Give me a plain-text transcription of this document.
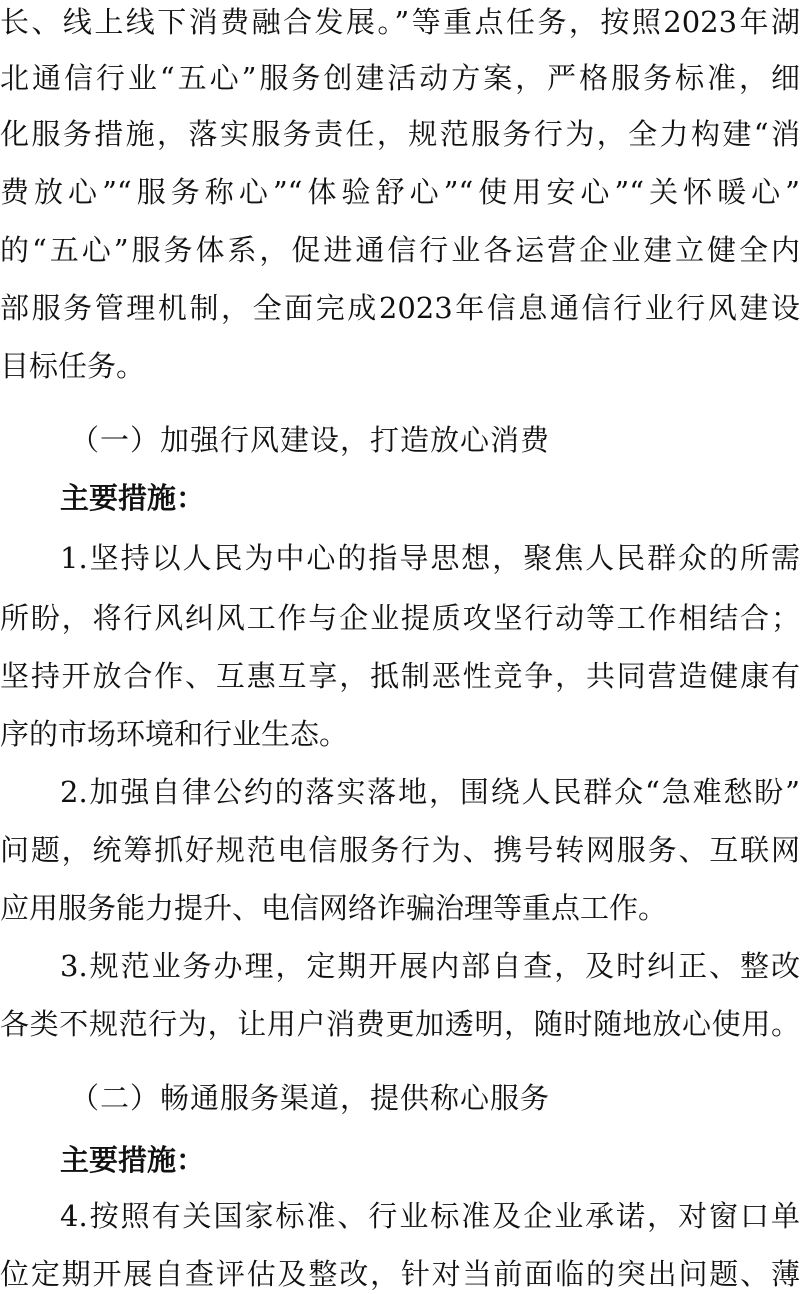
长、线上线下消费融合发展。”等重点任务，按照2023年湖
北通信行业“五心”服务创建活动方案，严格服务标准，细
化服务措施，落实服务责任，规范服务行为，全力构建“消
费放心”“服务称心”“体验舒心”“使用安心”“关怀暖心”
的“五心”服务体系，促进通信行业各运营企业建立健全内
部服务管理机制，全面完成2023年信息通信行业行风建设
目标任务。
（一）加强行风建设，打造放心消费
主要措施：
1.坚持以人民为中心的指导思想，聚焦人民群众的所需
所盼，将行风纠风工作与企业提质攻坚行动等工作相结合；
坚持开放合作、互惠互享，抵制恶性竞争，共同营造健康有
序的市场环境和行业生态。
2.加强自律公约的落实落地，围绕人民群众“急难愁盼”
问题，统筹抓好规范电信服务行为、携号转网服务、互联网
应用服务能力提升、电信网络诈骗治理等重点工作。
3.规范业务办理，定期开展内部自查，及时纠正、整改
各类不规范行为，让用户消费更加透明，随时随地放心使用。
（二）畅通服务渠道，提供称心服务
主要措施：
4.按照有关国家标准、行业标准及企业承诺，对窗口单
位定期开展自查评估及整改，针对当前面临的突出问题、薄
